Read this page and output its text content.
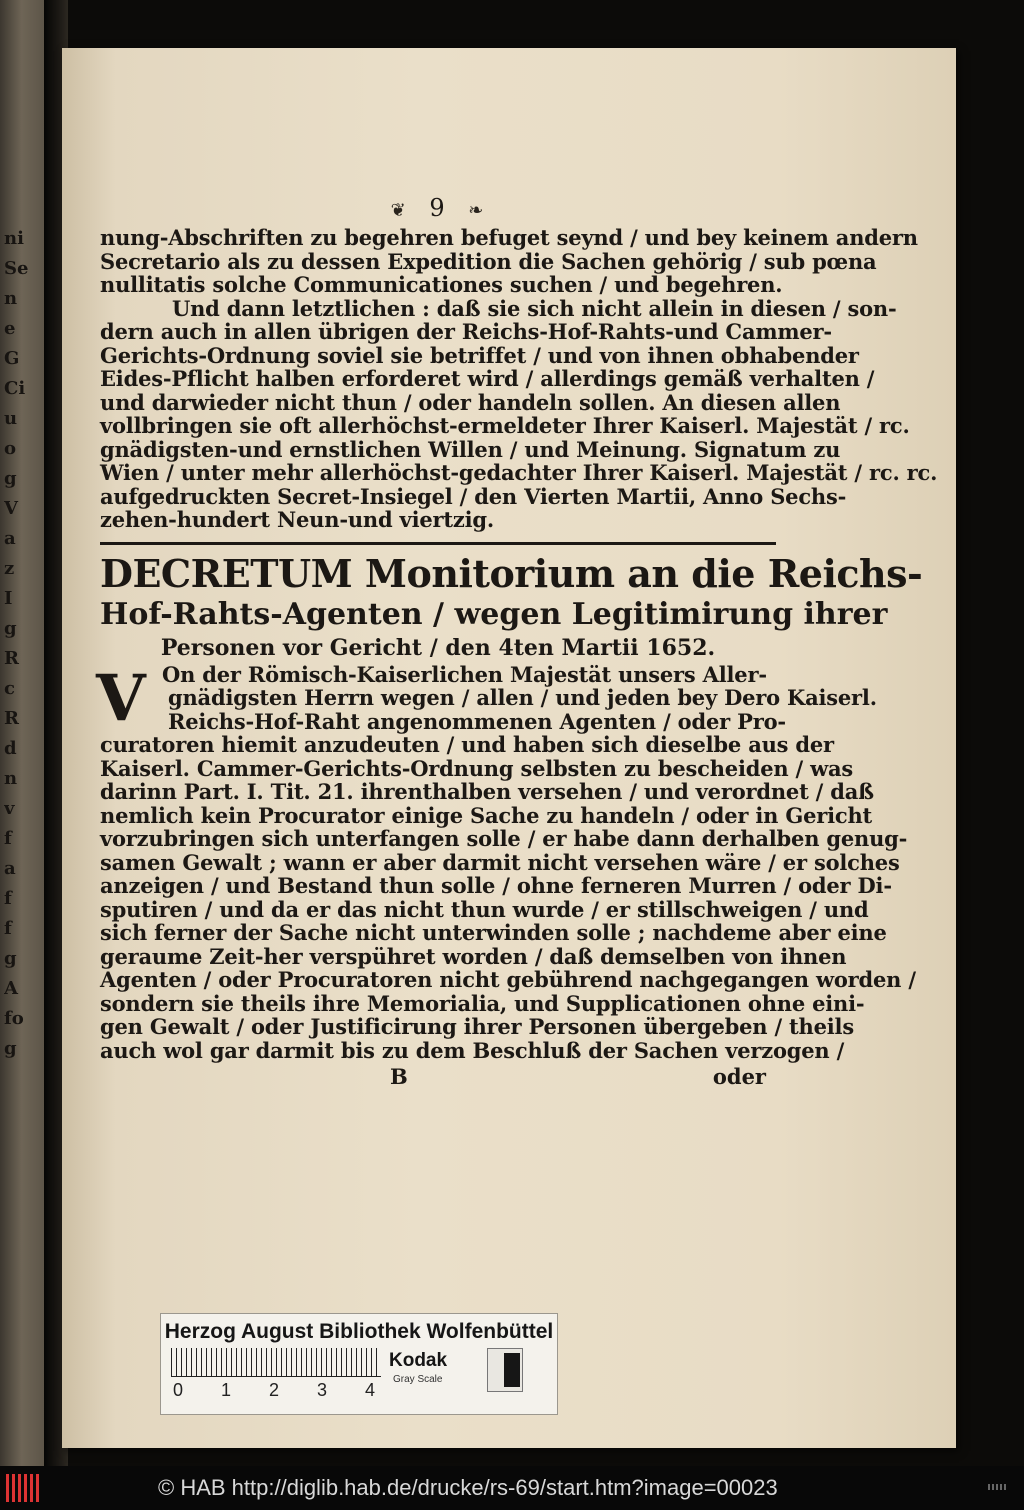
ni
Se
n
e
G
Ci
u
o
g
V
a
z
I
g
R
c
R
d
n
v
f
a
f
f
g
A
fo
g
❦ 9 ❧
nung-Abschriften zu begehren befuget seynd / und bey keinem andern
Secretario als zu dessen Expedition die Sachen gehörig / sub pœna
nullitatis solche Communicationes suchen / und begehren.
Und dann letztlichen : daß sie sich nicht allein in diesen / son-
dern auch in allen übrigen der Reichs-Hof-Rahts-und Cammer-
Gerichts-Ordnung soviel sie betriffet / und von ihnen obhabender
Eides-Pflicht halben erforderet wird / allerdings gemäß verhalten /
und darwieder nicht thun / oder handeln sollen. An diesen allen
vollbringen sie oft allerhöchst-ermeldeter Ihrer Kaiserl. Majestät / rc.
gnädigsten-und ernstlichen Willen / und Meinung. Signatum zu
Wien / unter mehr allerhöchst-gedachter Ihrer Kaiserl. Majestät / rc. rc.
aufgedruckten Secret-Insiegel / den Vierten Martii, Anno Sechs-
zehen-hundert Neun-und viertzig.
DECRETUM Monitorium an die Reichs-
Hof-Rahts-Agenten / wegen Legitimirung ihrer
Personen vor Gericht / den 4ten Martii 1652.
V On der Römisch-Kaiserlichen Majestät unsers Aller-
gnädigsten Herrn wegen / allen / und jeden bey Dero Kaiserl.
Reichs-Hof-Raht angenommenen Agenten / oder Pro-
curatoren hiemit anzudeuten / und haben sich dieselbe aus der
Kaiserl. Cammer-Gerichts-Ordnung selbsten zu bescheiden / was
darinn Part. I. Tit. 21. ihrenthalben versehen / und verordnet / daß
nemlich kein Procurator einige Sache zu handeln / oder in Gericht
vorzubringen sich unterfangen solle / er habe dann derhalben genug-
samen Gewalt ; wann er aber darmit nicht versehen wäre / er solches
anzeigen / und Bestand thun solle / ohne ferneren Murren / oder Di-
sputiren / und da er das nicht thun wurde / er stillschweigen / und
sich ferner der Sache nicht unterwinden solle ; nachdeme aber eine
geraume Zeit-her verspühret worden / daß demselben von ihnen
Agenten / oder Procuratoren nicht gebührend nachgegangen worden /
sondern sie theils ihre Memorialia, und Supplicationen ohne eini-
gen Gewalt / oder Justificirung ihrer Personen übergeben / theils
auch wol gar darmit bis zu dem Beschluß der Sachen verzogen /
B	oder
Herzog August Bibliothek Wolfenbüttel
0 1 2 3 4
Kodak
Gray Scale
© HAB http://diglib.hab.de/drucke/rs-69/start.htm?image=00023
